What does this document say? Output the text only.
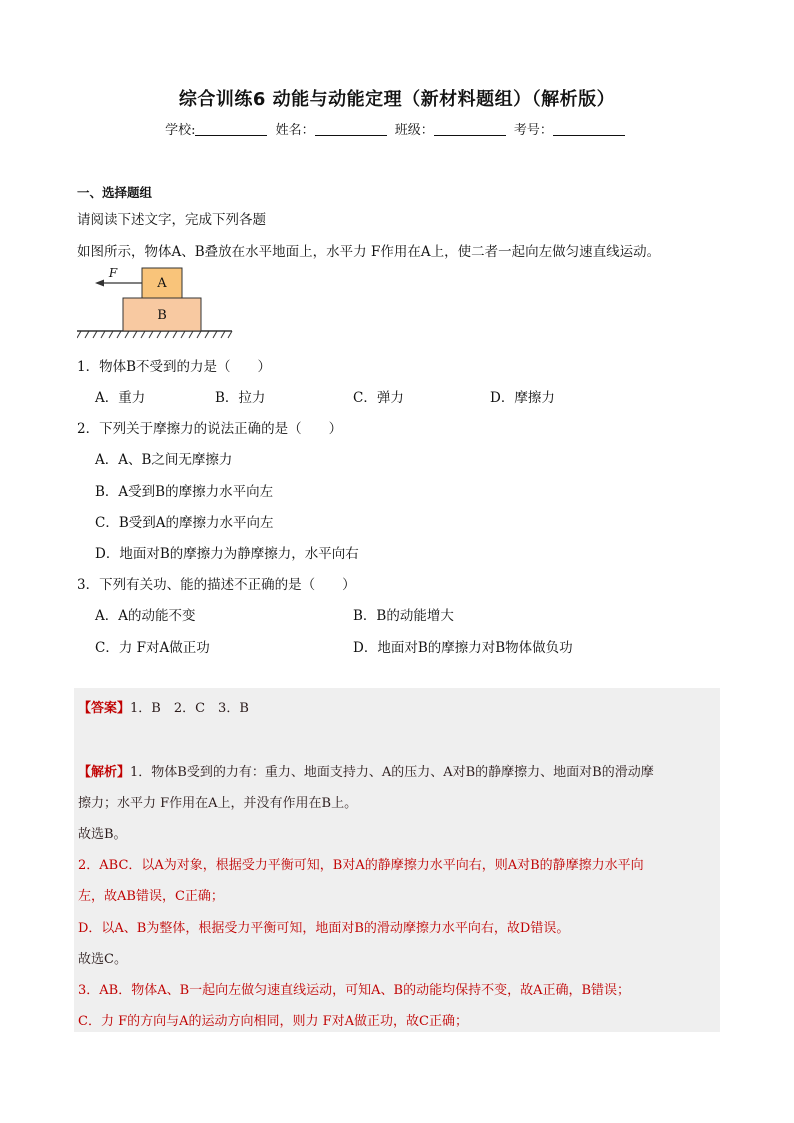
综合训练6 动能与动能定理（新材料题组）（解析版）
学校:	姓名：	班级：	考号：
一、选择题组
请阅读下述文字，完成下列各题
如图所示，物体A、B叠放在水平地面上，水平力 F作用在A上，使二者一起向左做匀速直线运动。
B
A
F
1．物体B不受到的力是（　　）
A．重力	B．拉力	C．弹力	D．摩擦力
2．下列关于摩擦力的说法正确的是（　　）
A．A、B之间无摩擦力
B．A受到B的摩擦力水平向左
C．B受到A的摩擦力水平向左
D．地面对B的摩擦力为静摩擦力，水平向右
3．下列有关功、能的描述不正确的是（　　）
A．A的动能不变	B．B的动能增大
C．力 F对A做正功	D．地面对B的摩擦力对B物体做负功
【答案】1．B　2．C　3．B
【解析】1．物体B受到的力有：重力、地面支持力、A的压力、A对B的静摩擦力、地面对B的滑动摩
擦力；水平力 F作用在A上，并没有作用在B上。
故选B。
2．ABC．以A为对象，根据受力平衡可知，B对A的静摩擦力水平向右，则A对B的静摩擦力水平向
左，故AB错误，C正确；
D．以A、B为整体，根据受力平衡可知，地面对B的滑动摩擦力水平向右，故D错误。
故选C。
3．AB．物体A、B一起向左做匀速直线运动，可知A、B的动能均保持不变，故A正确，B错误；
C．力 F的方向与A的运动方向相同，则力 F对A做正功，故C正确；
